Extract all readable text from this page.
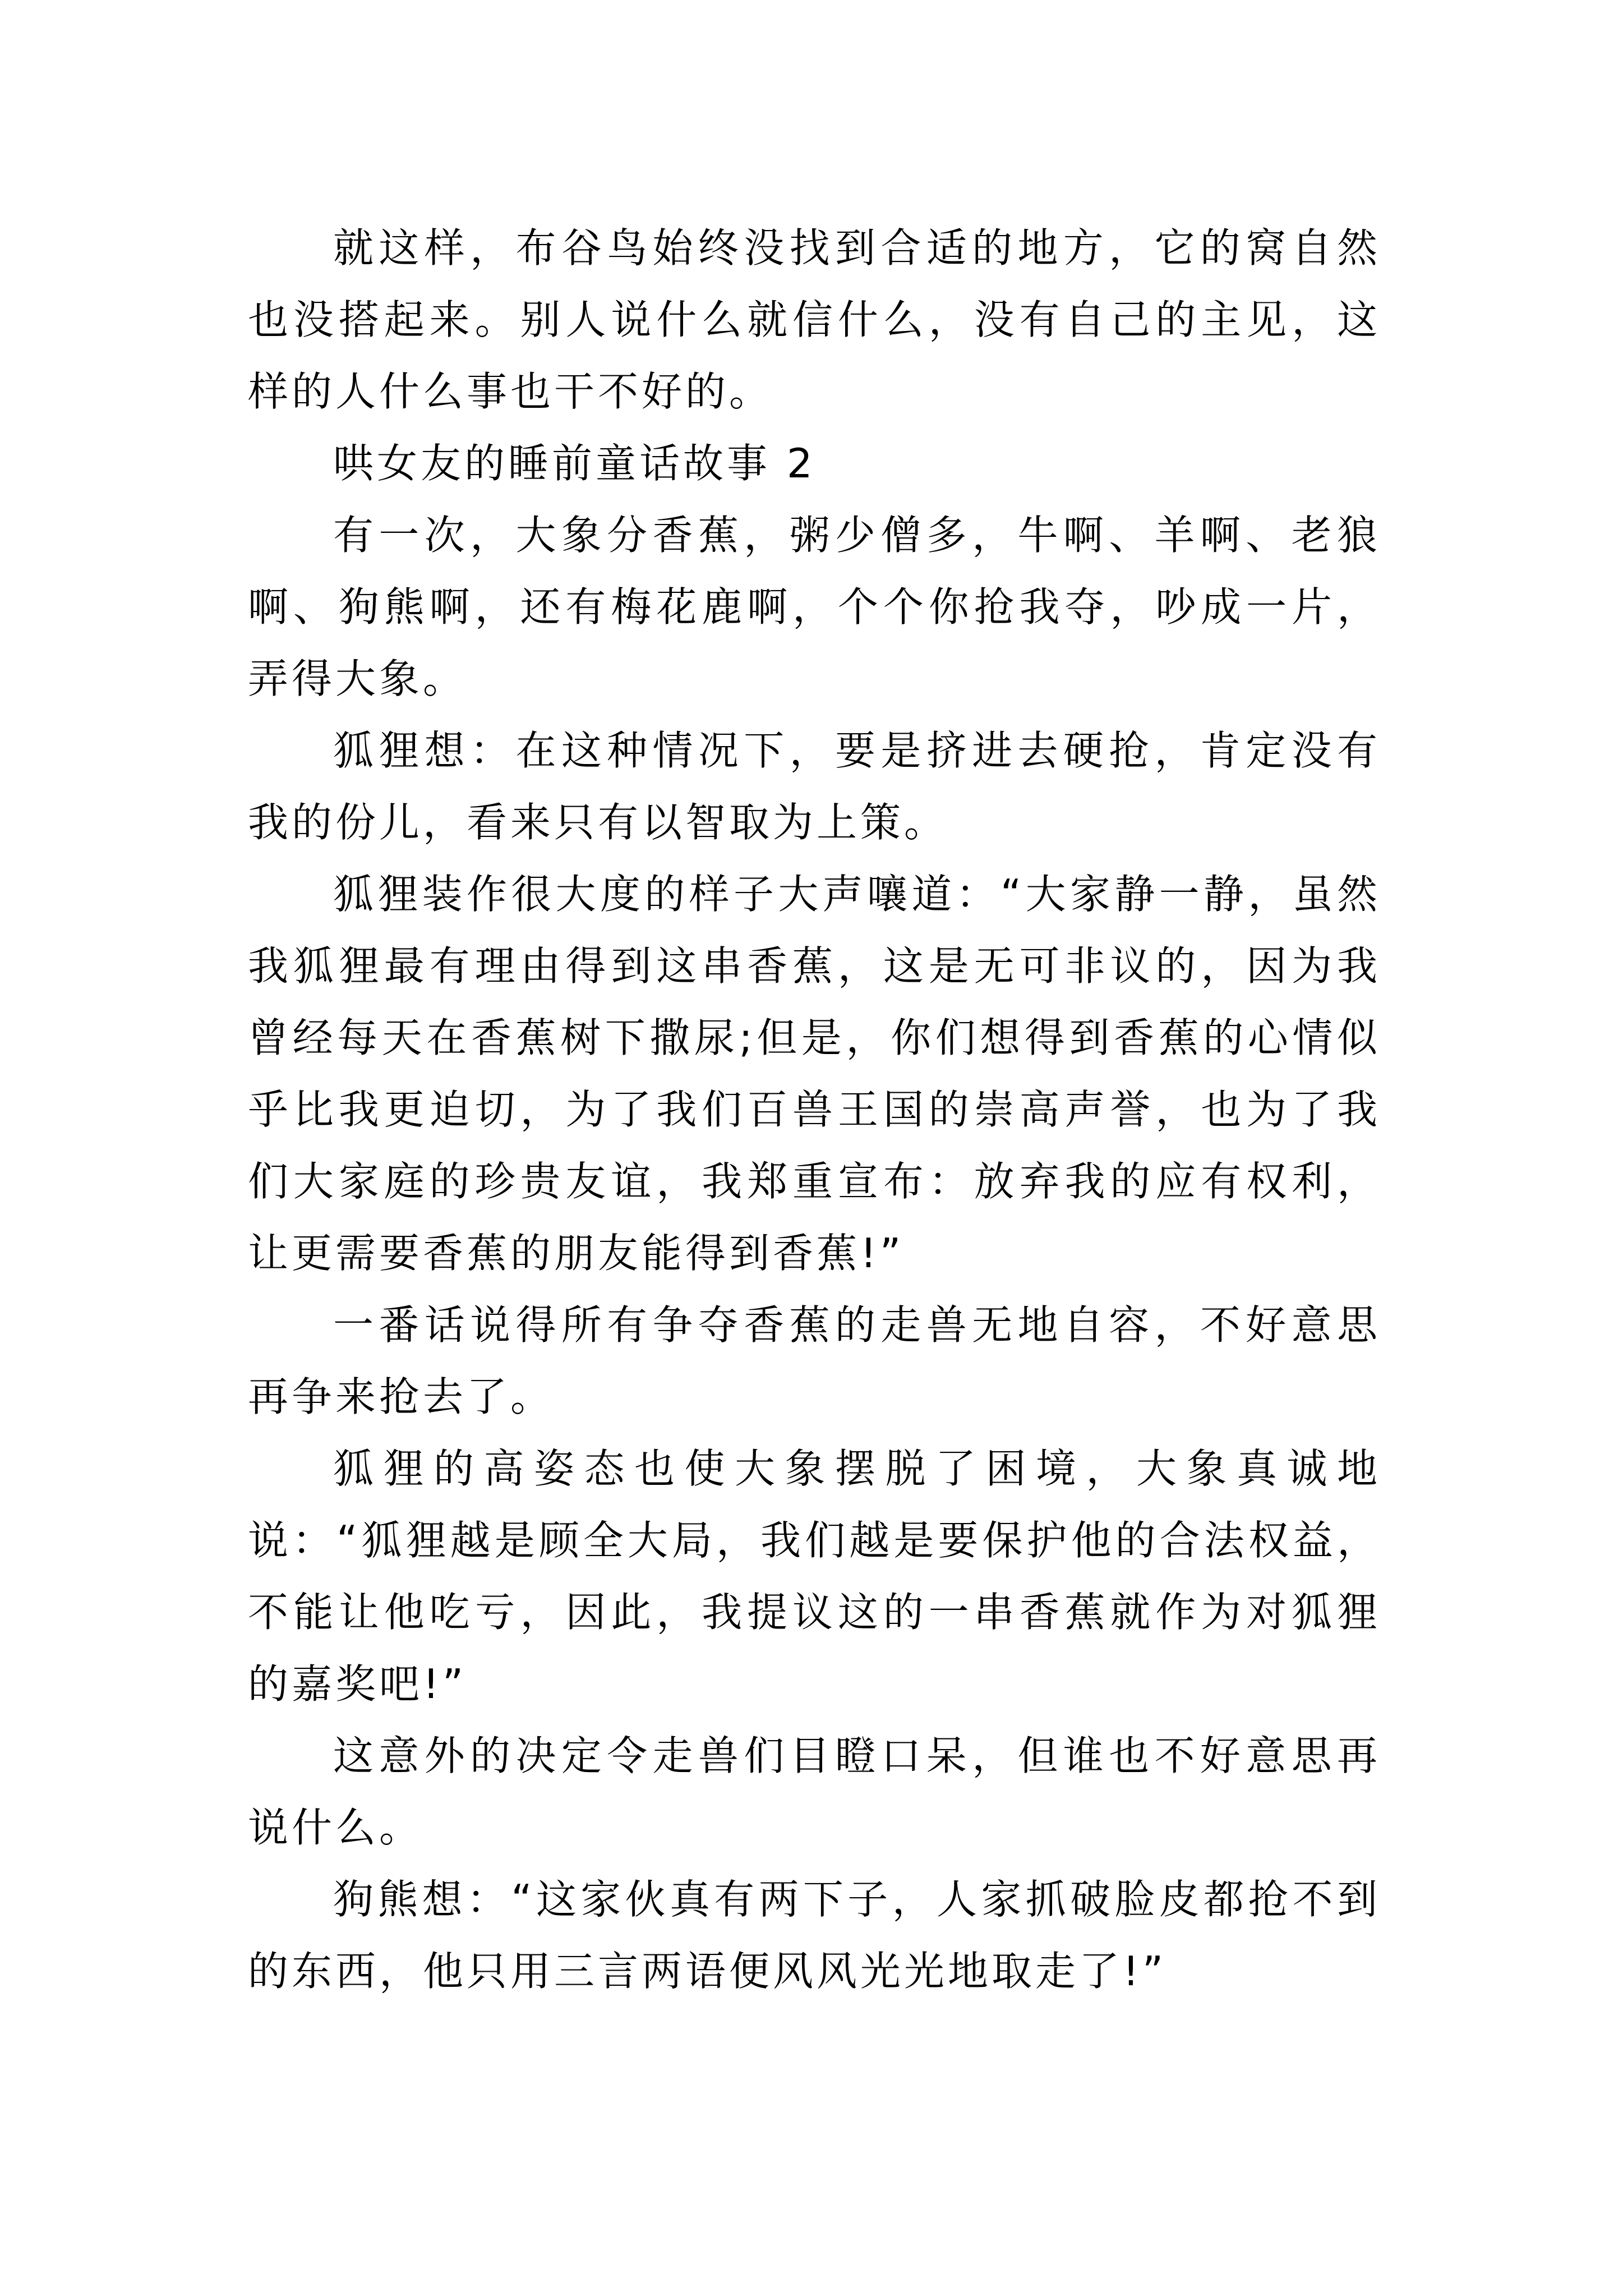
就这样，布谷鸟始终没找到合适的地方，它的窝自然也没搭起来。别人说什么就信什么，没有自己的主见，这样的人什么事也干不好的。

哄女友的睡前童话故事 2

有一次，大象分香蕉，粥少僧多，牛啊、羊啊、老狼啊、狗熊啊，还有梅花鹿啊，个个你抢我夺，吵成一片，弄得大象。

狐狸想：在这种情况下，要是挤进去硬抢，肯定没有我的份儿，看来只有以智取为上策。

狐狸装作很大度的样子大声嚷道：“大家静一静，虽然我狐狸最有理由得到这串香蕉，这是无可非议的，因为我曾经每天在香蕉树下撒尿;但是，你们想得到香蕉的心情似乎比我更迫切，为了我们百兽王国的崇高声誉，也为了我们大家庭的珍贵友谊，我郑重宣布：放弃我的应有权利，让更需要香蕉的朋友能得到香蕉!”

一番话说得所有争夺香蕉的走兽无地自容，不好意思再争来抢去了。

狐狸的高姿态也使大象摆脱了困境，大象真诚地说：“狐狸越是顾全大局，我们越是要保护他的合法权益，不能让他吃亏，因此，我提议这的一串香蕉就作为对狐狸的嘉奖吧!”

这意外的决定令走兽们目瞪口呆，但谁也不好意思再说什么。

狗熊想：“这家伙真有两下子，人家抓破脸皮都抢不到的东西，他只用三言两语便风风光光地取走了!”
